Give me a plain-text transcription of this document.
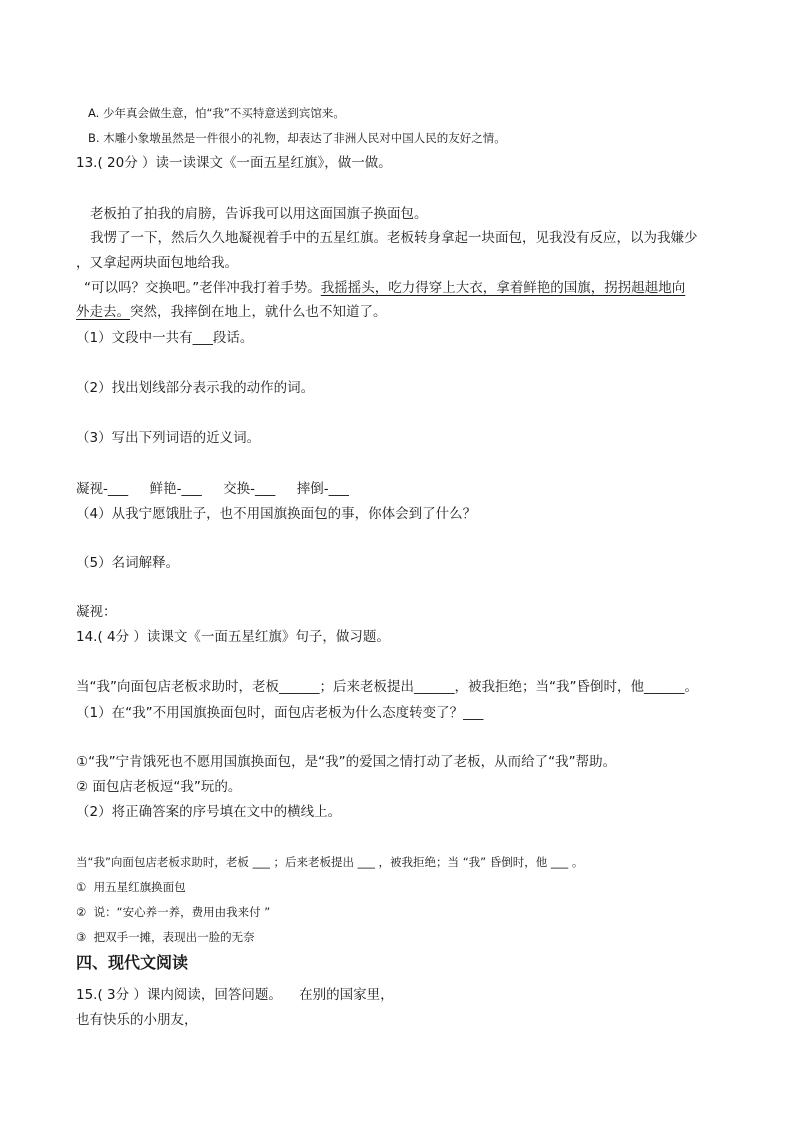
A. 少年真会做生意，怕“我”不买特意送到宾馆来。
B. 木雕小象墩虽然是一件很小的礼物，却表达了非洲人民对中国人民的友好之情。
13.( 20分 ）读一读课文《一面五星红旗》，做一做。
老板拍了拍我的肩膀，告诉我可以用这面国旗子换面包。
我愣了一下，然后久久地凝视着手中的五星红旗。老板转身拿起一块面包，见我没有反应，以为我嫌少
，又拿起两块面包地给我。
“可以吗？交换吧。”老伴冲我打着手势。我摇摇头，吃力得穿上大衣，拿着鲜艳的国旗，拐拐趄趄地向
外走去。突然，我摔倒在地上，就什么也不知道了。
（1）文段中一共有___段话。
（2）找出划线部分表示我的动作的词。
（3）写出下列词语的近义词。
凝视-___     鲜艳-___     交换-___     摔倒-___
（4）从我宁愿饿肚子，也不用国旗换面包的事，你体会到了什么？
（5）名词解释。
凝视：
14.( 4分 ）读课文《一面五星红旗》句子，做习题。
当“我”向面包店老板求助时，老板______；后来老板提出______，被我拒绝；当“我”昏倒时，他______。
（1）在“我”不用国旗换面包时，面包店老板为什么态度转变了？___
①“我”宁肯饿死也不愿用国旗换面包，是“我”的爱国之情打动了老板，从而给了“我”帮助。
② 面包店老板逗“我”玩的。
（2）将正确答案的序号填在文中的横线上。
当“我”向面包店老板求助时，老板 ___ ；后来老板提出 ___ ，被我拒绝；当 “我” 昏倒时，他 ___ 。
①  用五星红旗换面包
②  说：“安心养一养，费用由我来付 ”
③  把双手一摊，表现出一脸的无奈
四、现代文阅读
15.( 3分 ）课内阅读，回答问题。    在别的国家里，
也有快乐的小朋友，
